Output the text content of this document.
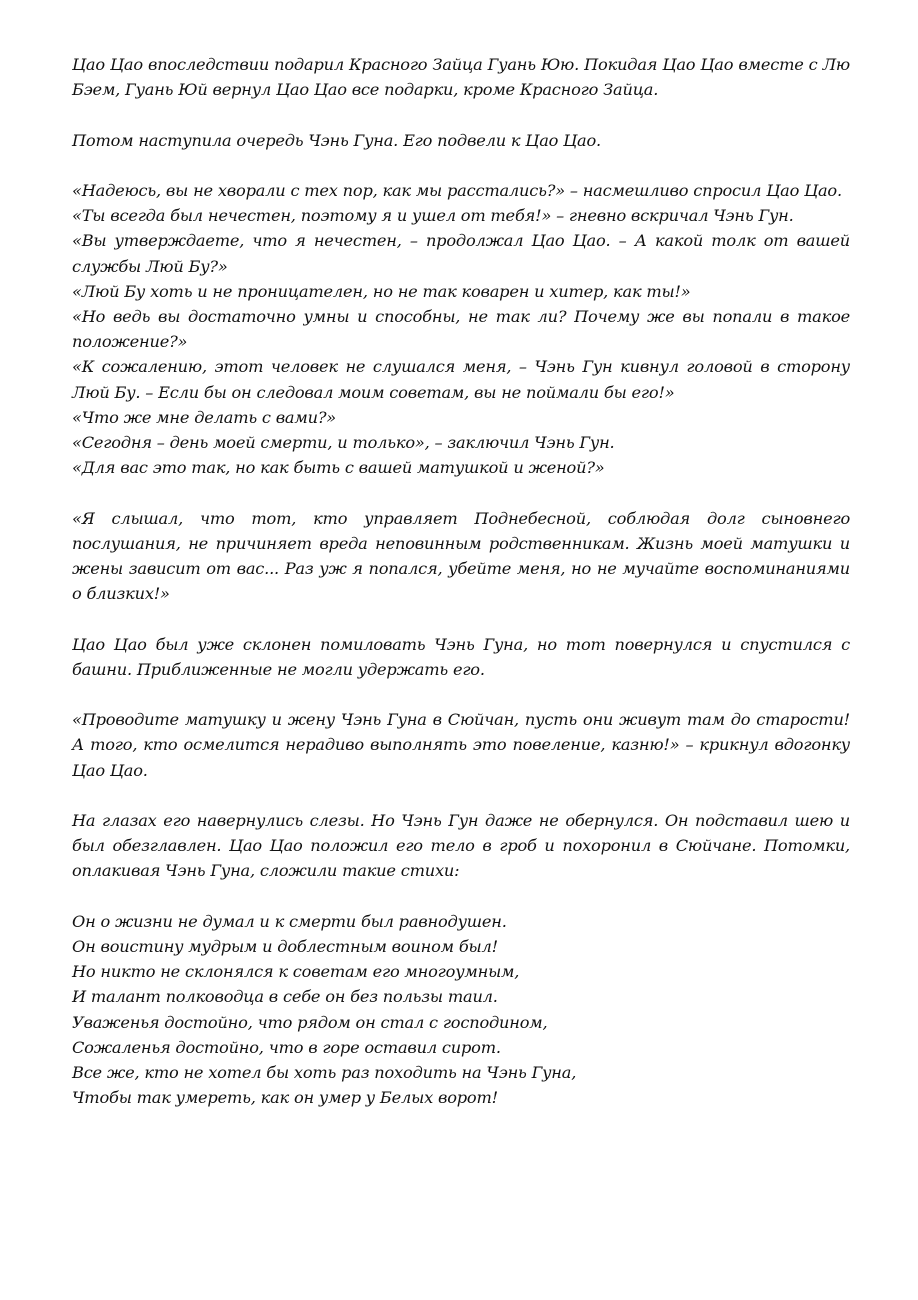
Цао Цао впоследствии подарил Красного Зайца Гуань Юю. Покидая Цао Цао вместе с Лю Бэем, Гуань Юй вернул Цао Цао все подарки, кроме Красного Зайца.

Потом наступила очередь Чэнь Гуна. Его подвели к Цао Цао.

«Надеюсь, вы не хворали с тех пор, как мы расстались?» – насмешливо спросил Цао Цао.

«Ты всегда был нечестен, поэтому я и ушел от тебя!» – гневно вскричал Чэнь Гун.

«Вы утверждаете, что я нечестен, – продолжал Цао Цао. – А какой толк от вашей службы Люй Бу?»

«Люй Бу хоть и не проницателен, но не так коварен и хитер, как ты!»

«Но ведь вы достаточно умны и способны, не так ли? Почему же вы попали в такое положение?»

«К сожалению, этот человек не слушался меня, – Чэнь Гун кивнул головой в сторону Люй Бу. – Если бы он следовал моим советам, вы не поймали бы его!»

«Что же мне делать с вами?»

«Сегодня – день моей смерти, и только», – заключил Чэнь Гун.

«Для вас это так, но как быть с вашей матушкой и женой?»

«Я слышал, что тот, кто управляет Поднебесной, соблюдая долг сыновнего послушания, не причиняет вреда неповинным родственникам. Жизнь моей матушки и жены зависит от вас... Раз уж я попался, убейте меня, но не мучайте воспоминаниями о близких!»

Цао Цао был уже склонен помиловать Чэнь Гуна, но тот повернулся и спустился с башни. Приближенные не могли удержать его.

«Проводите матушку и жену Чэнь Гуна в Сюйчан, пусть они живут там до старости! А того, кто осмелится нерадиво выполнять это повеление, казню!» – крикнул вдогонку Цао Цао.

На глазах его навернулись слезы. Но Чэнь Гун даже не обернулся. Он подставил шею и был обезглавлен. Цао Цао положил его тело в гроб и похоронил в Сюйчане. Потомки, оплакивая Чэнь Гуна, сложили такие стихи:

Он о жизни не думал и к смерти был равнодушен.
Он воистину мудрым и доблестным воином был!
Но никто не склонялся к советам его многоумным,
И талант полководца в себе он без пользы таил.
Уваженья достойно, что рядом он стал с господином,
Сожаленья достойно, что в горе оставил сирот.
Все же, кто не хотел бы хоть раз походить на Чэнь Гуна,
Чтобы так умереть, как он умер у Белых ворот!
